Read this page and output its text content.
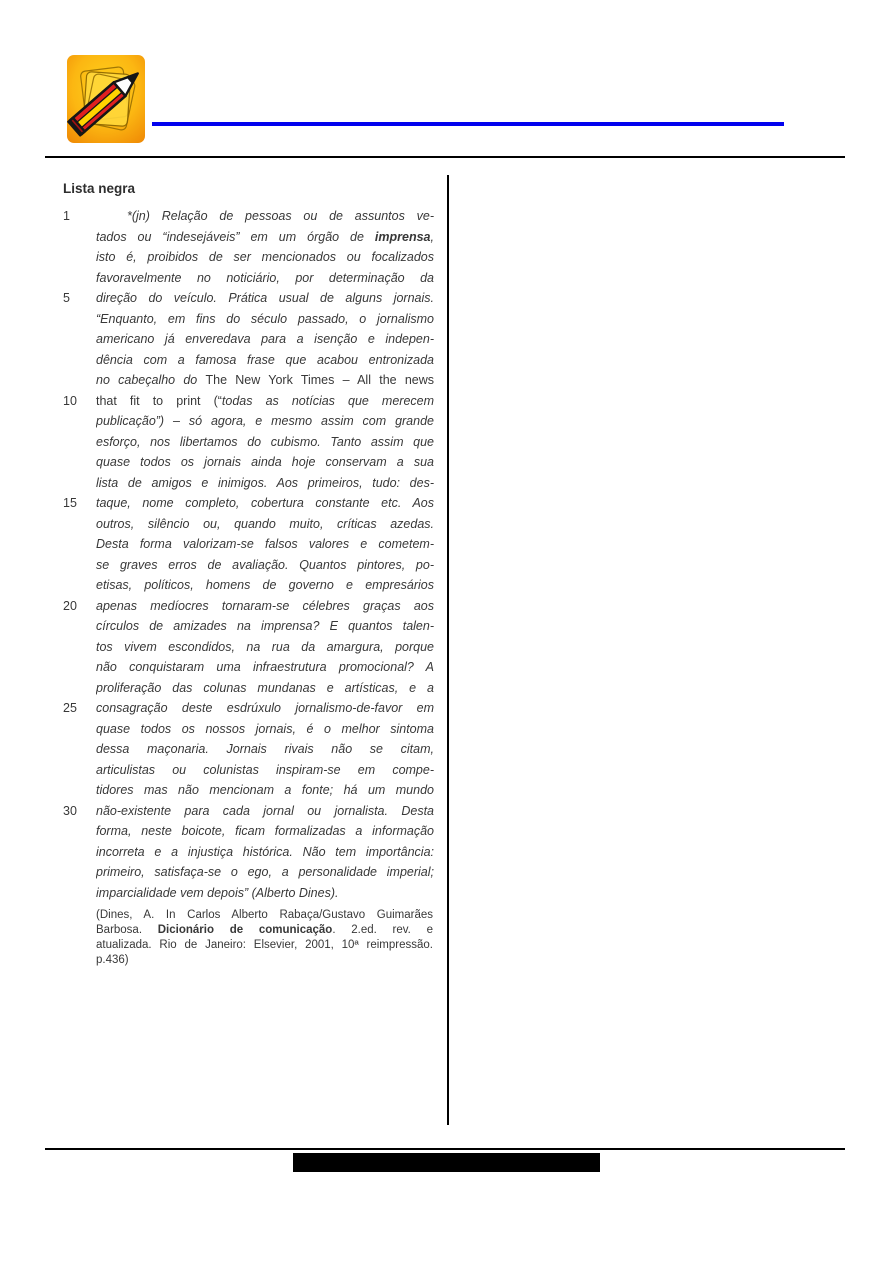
Lista negra
1	*(jn) Relação de pessoas ou de assuntos ve-
tados ou “indesejáveis” em um órgão de imprensa,
isto é, proibidos de ser mencionados ou focalizados
favoravelmente no noticiário, por determinação da
5	direção do veículo. Prática usual de alguns jornais.
“Enquanto, em fins do século passado, o jornalismo
americano já enveredava para a isenção e indepen-
dência com a famosa frase que acabou entronizada
no cabeçalho do The New York Times – All the news
10	that fit to print (“todas as notícias que merecem
publicação”) – só agora, e mesmo assim com grande
esforço, nos libertamos do cubismo. Tanto assim que
quase todos os jornais ainda hoje conservam a sua
lista de amigos e inimigos. Aos primeiros, tudo: des-
15	taque, nome completo, cobertura constante etc. Aos
outros, silêncio ou, quando muito, críticas azedas.
Desta forma valorizam-se falsos valores e cometem-
se graves erros de avaliação. Quantos pintores, po-
etisas, políticos, homens de governo e empresários
20	apenas medíocres tornaram-se célebres graças aos
círculos de amizades na imprensa? E quantos talen-
tos vivem escondidos, na rua da amargura, porque
não conquistaram uma infraestrutura promocional? A
proliferação das colunas mundanas e artísticas, e a
25	consagração deste esdrúxulo jornalismo-de-favor em
quase todos os nossos jornais, é o melhor sintoma
dessa maçonaria. Jornais rivais não se citam,
articulistas ou colunistas inspiram-se em compe-
tidores mas não mencionam a fonte; há um mundo
30	não-existente para cada jornal ou jornalista. Desta
forma, neste boicote, ficam formalizadas a informação
incorreta e a injustiça histórica. Não tem importância:
primeiro, satisfaça-se o ego, a personalidade imperial;
imparcialidade vem depois” (Alberto Dines).
(Dines, A. In Carlos Alberto Rabaça/Gustavo Guimarães
Barbosa. Dicionário de comunicação. 2.ed. rev. e
atualizada. Rio de Janeiro: Elsevier, 2001, 10ª reimpressão.
p.436)
